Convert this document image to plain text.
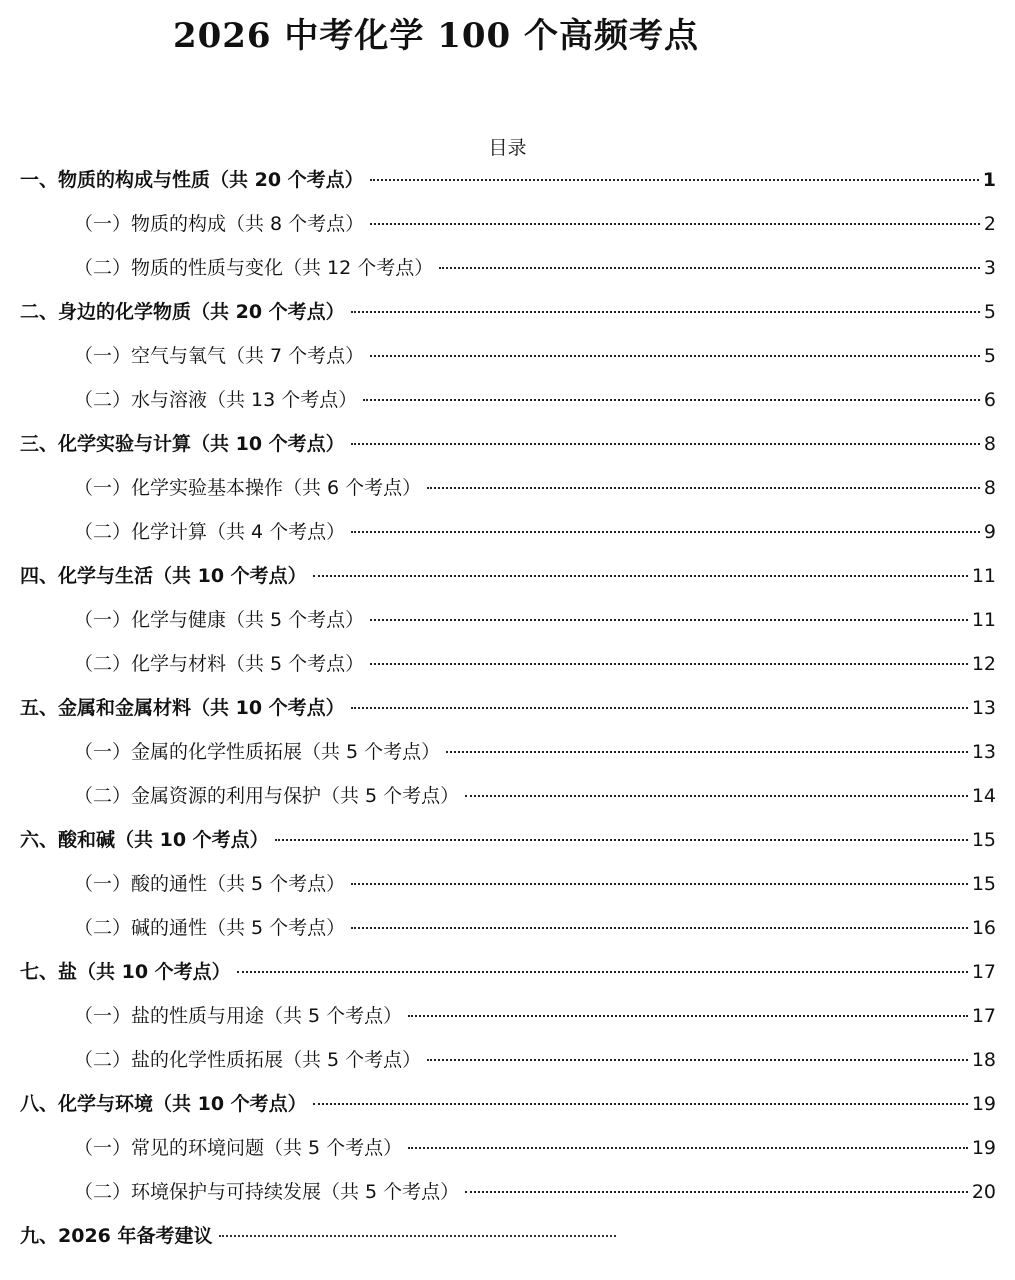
2026 中考化学 100 个高频考点
目录
一、物质的构成与性质（共 20 个考点）	1
（一）物质的构成（共 8 个考点）	2
（二）物质的性质与变化（共 12 个考点）	3
二、身边的化学物质（共 20 个考点）	5
（一）空气与氧气（共 7 个考点）	5
（二）水与溶液（共 13 个考点）	6
三、化学实验与计算（共 10 个考点）	8
（一）化学实验基本操作（共 6 个考点）	8
（二）化学计算（共 4 个考点）	9
四、化学与生活（共 10 个考点）	11
（一）化学与健康（共 5 个考点）	11
（二）化学与材料（共 5 个考点）	12
五、金属和金属材料（共 10 个考点）	13
（一）金属的化学性质拓展（共 5 个考点）	13
（二）金属资源的利用与保护（共 5 个考点）	14
六、酸和碱（共 10 个考点）	15
（一）酸的通性（共 5 个考点）	15
（二）碱的通性（共 5 个考点）	16
七、盐（共 10 个考点）	17
（一）盐的性质与用途（共 5 个考点）	17
（二）盐的化学性质拓展（共 5 个考点）	18
八、化学与环境（共 10 个考点）	19
（一）常见的环境问题（共 5 个考点）	19
（二）环境保护与可持续发展（共 5 个考点）	20
九、2026 年备考建议
